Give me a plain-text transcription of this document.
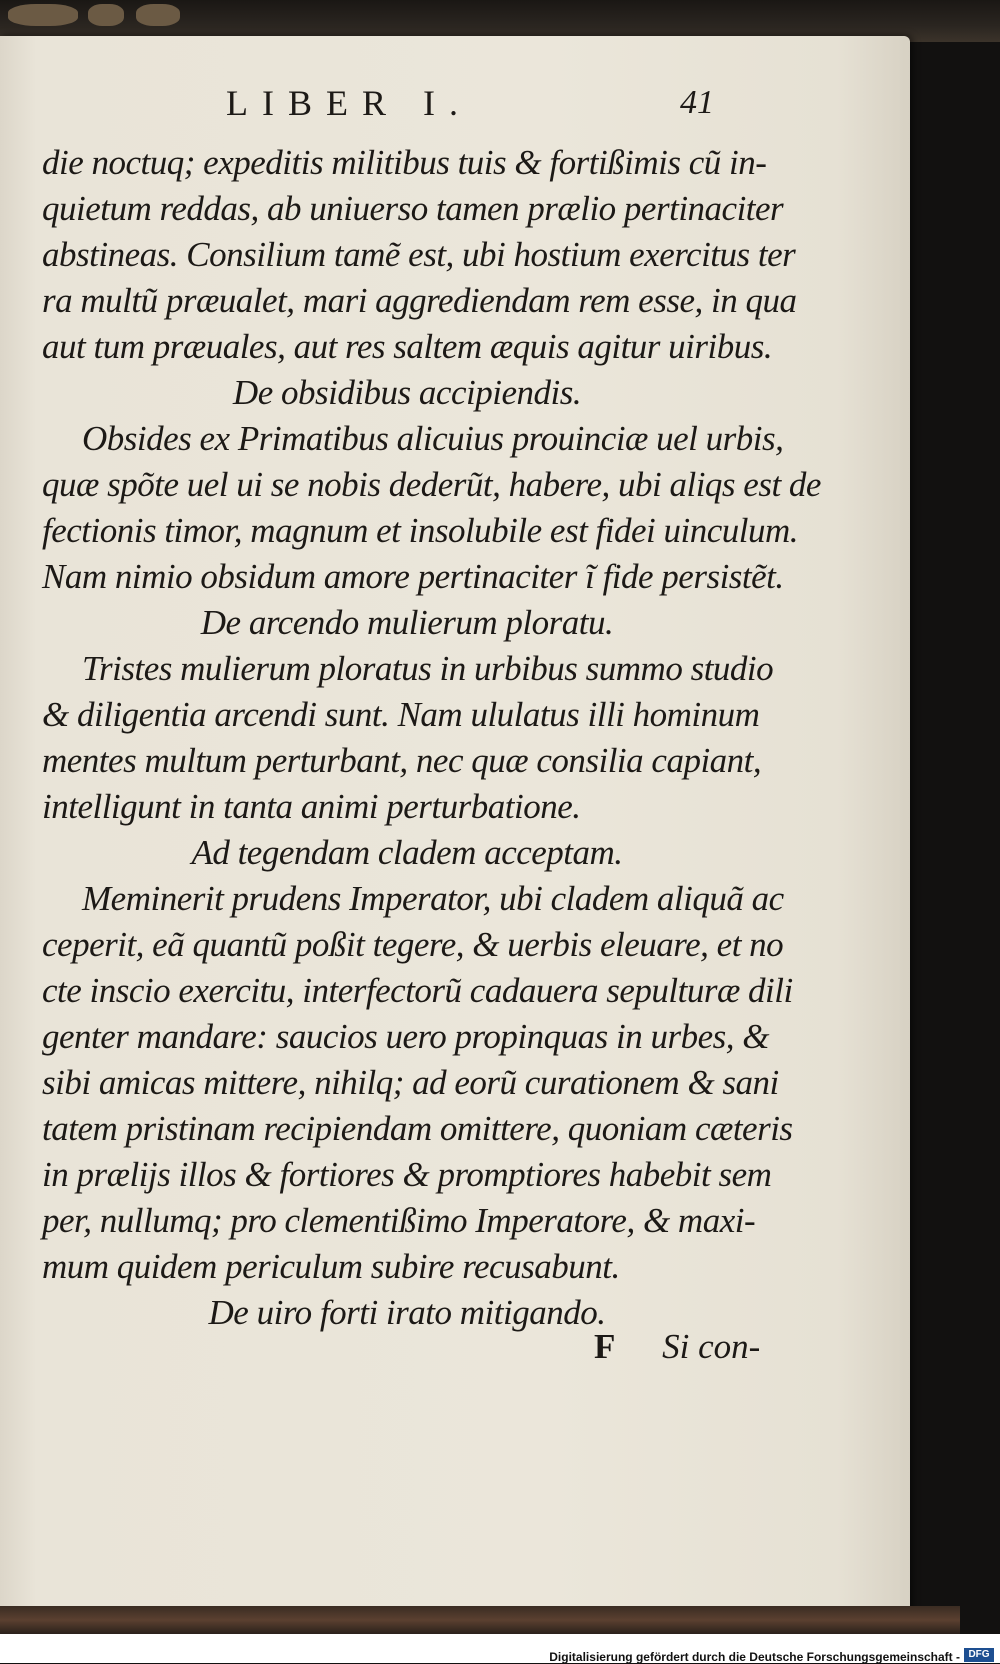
LIBER I.	41
die noctuq; expeditis militibus tuis & fortißimis cũ in-
quietum reddas, ab uniuerso tamen prælio pertinaciter
abstineas. Consilium tamẽ est, ubi hostium exercitus ter
ra multũ præualet, mari aggrediendam rem esse, in qua
aut tum præuales, aut res saltem æquis agitur uiribus.
De obsidibus accipiendis.
Obsides ex Primatibus alicuius prouinciæ uel urbis,
quæ spõte uel ui se nobis dederũt, habere, ubi aliqs est de
fectionis timor, magnum et insolubile est fidei uinculum.
Nam nimio obsidum amore pertinaciter ĩ fide persistẽt.
De arcendo mulierum ploratu.
Tristes mulierum ploratus in urbibus summo studio
& diligentia arcendi sunt. Nam ululatus illi hominum
mentes multum perturbant, nec quæ consilia capiant,
intelligunt in tanta animi perturbatione.
Ad tegendam cladem acceptam.
Meminerit prudens Imperator, ubi cladem aliquã ac
ceperit, eã quantũ poßit tegere, & uerbis eleuare, et no
cte inscio exercitu, interfectorũ cadauera sepulturæ dili
genter mandare: saucios uero propinquas in urbes, &
sibi amicas mittere, nihilq; ad eorũ curationem & sani
tatem pristinam recipiendam omittere, quoniam cæteris
in prælijs illos & fortiores & promptiores habebit sem
per, nullumq; pro clementißimo Imperatore, & maxi-
mum quidem periculum subire recusabunt.
De uiro forti irato mitigando.
F Si con-
Digitalisierung gefördert durch die Deutsche Forschungsgemeinschaft - DFG
